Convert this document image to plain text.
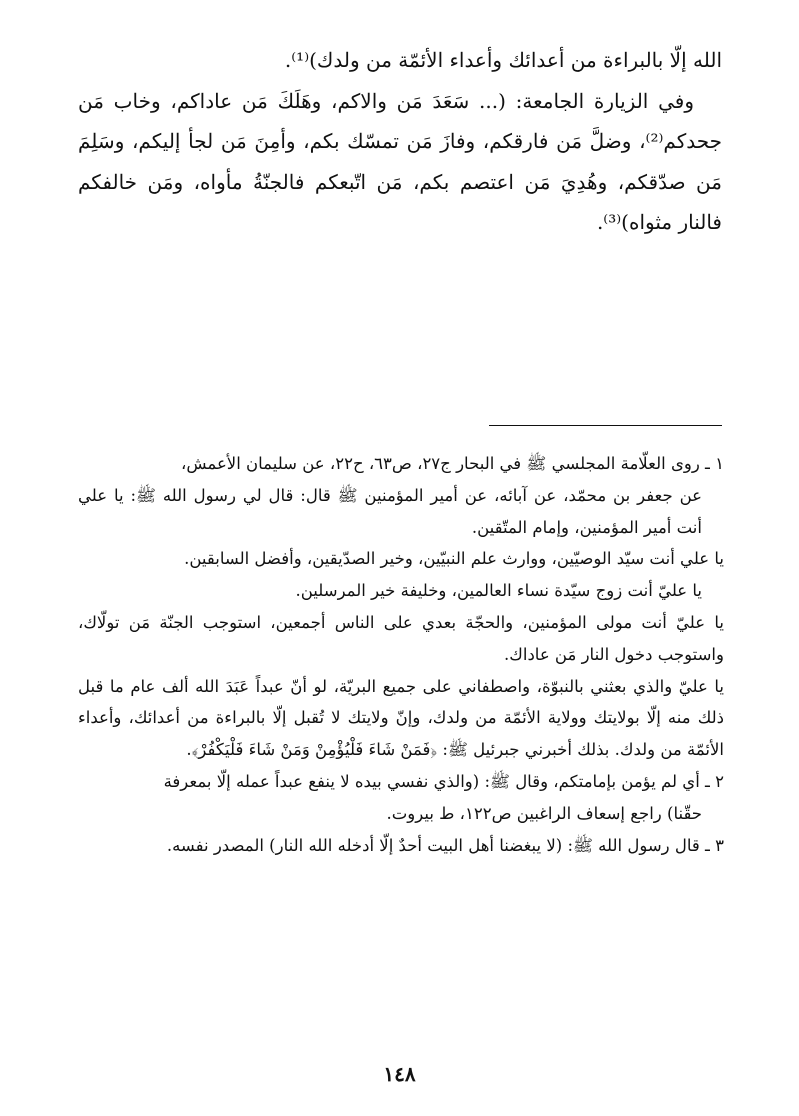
الله إلّا بالبراءة من أعدائك وأعداء الأئمّة من ولدك)⁽¹⁾.

وفي الزيارة الجامعة: (... سَعَدَ مَن والاكم، وهَلَكَ مَن عاداكم، وخاب مَن جحدكم⁽²⁾، وضلَّ مَن فارقكم، وفازَ مَن تمسّك بكم، وأمِنَ مَن لجأ إليكم، وسَلِمَ مَن صدّقكم، وهُدِيَ مَن اعتصم بكم، مَن اتّبعكم فالجنّةُ مأواه، ومَن خالفكم فالنار مثواه)⁽³⁾.

١ ـ روى العلّامة المجلسي ﷺ في البحار ج٢٧، ص٦٣، ح٢٢، عن سليمان الأعمش،

عن جعفر بن محمّد، عن آبائه، عن أمير المؤمنين ﷺ قال: قال لي رسول الله ﷺ: يا علي أنت أمير المؤمنين، وإمام المتّقين.

يا علي أنت سيّد الوصيّين، ووارث علم النبيّين، وخير الصدّيقين، وأفضل السابقين.

يا عليّ أنت زوج سيّدة نساء العالمين، وخليفة خير المرسلين.

يا عليّ أنت مولى المؤمنين، والحجّة بعدي على الناس أجمعين، استوجب الجنّة مَن تولّاك، واستوجب دخول النار مَن عاداك.

يا عليّ والذي بعثني بالنبوّة، واصطفاني على جميع البريّة، لو أنّ عبداً عَبَدَ الله ألف عام ما قبل ذلك منه إلّا بولايتك وولاية الأئمّة من ولدك، وإنّ ولايتك لا تُقبل إلّا بالبراءة من أعدائك، وأعداء الأئمّة من ولدك. بذلك أخبرني جبرئيل ﷺ: ﴿فَمَنْ شَاءَ فَلْيُؤْمِنْ وَمَنْ شَاءَ فَلْيَكْفُرْ﴾.

٢ ـ أي لم يؤمن بإمامتكم، وقال ﷺ: (والذي نفسي بيده لا ينفع عبداً عمله إلّا بمعرفة

حقّنا) راجع إسعاف الراغبين ص١٢٢، ط بيروت.

٣ ـ قال رسول الله ﷺ: (لا يبغضنا أهل البيت أحدٌ إلّا أدخله الله النار) المصدر نفسه.

١٤٨
